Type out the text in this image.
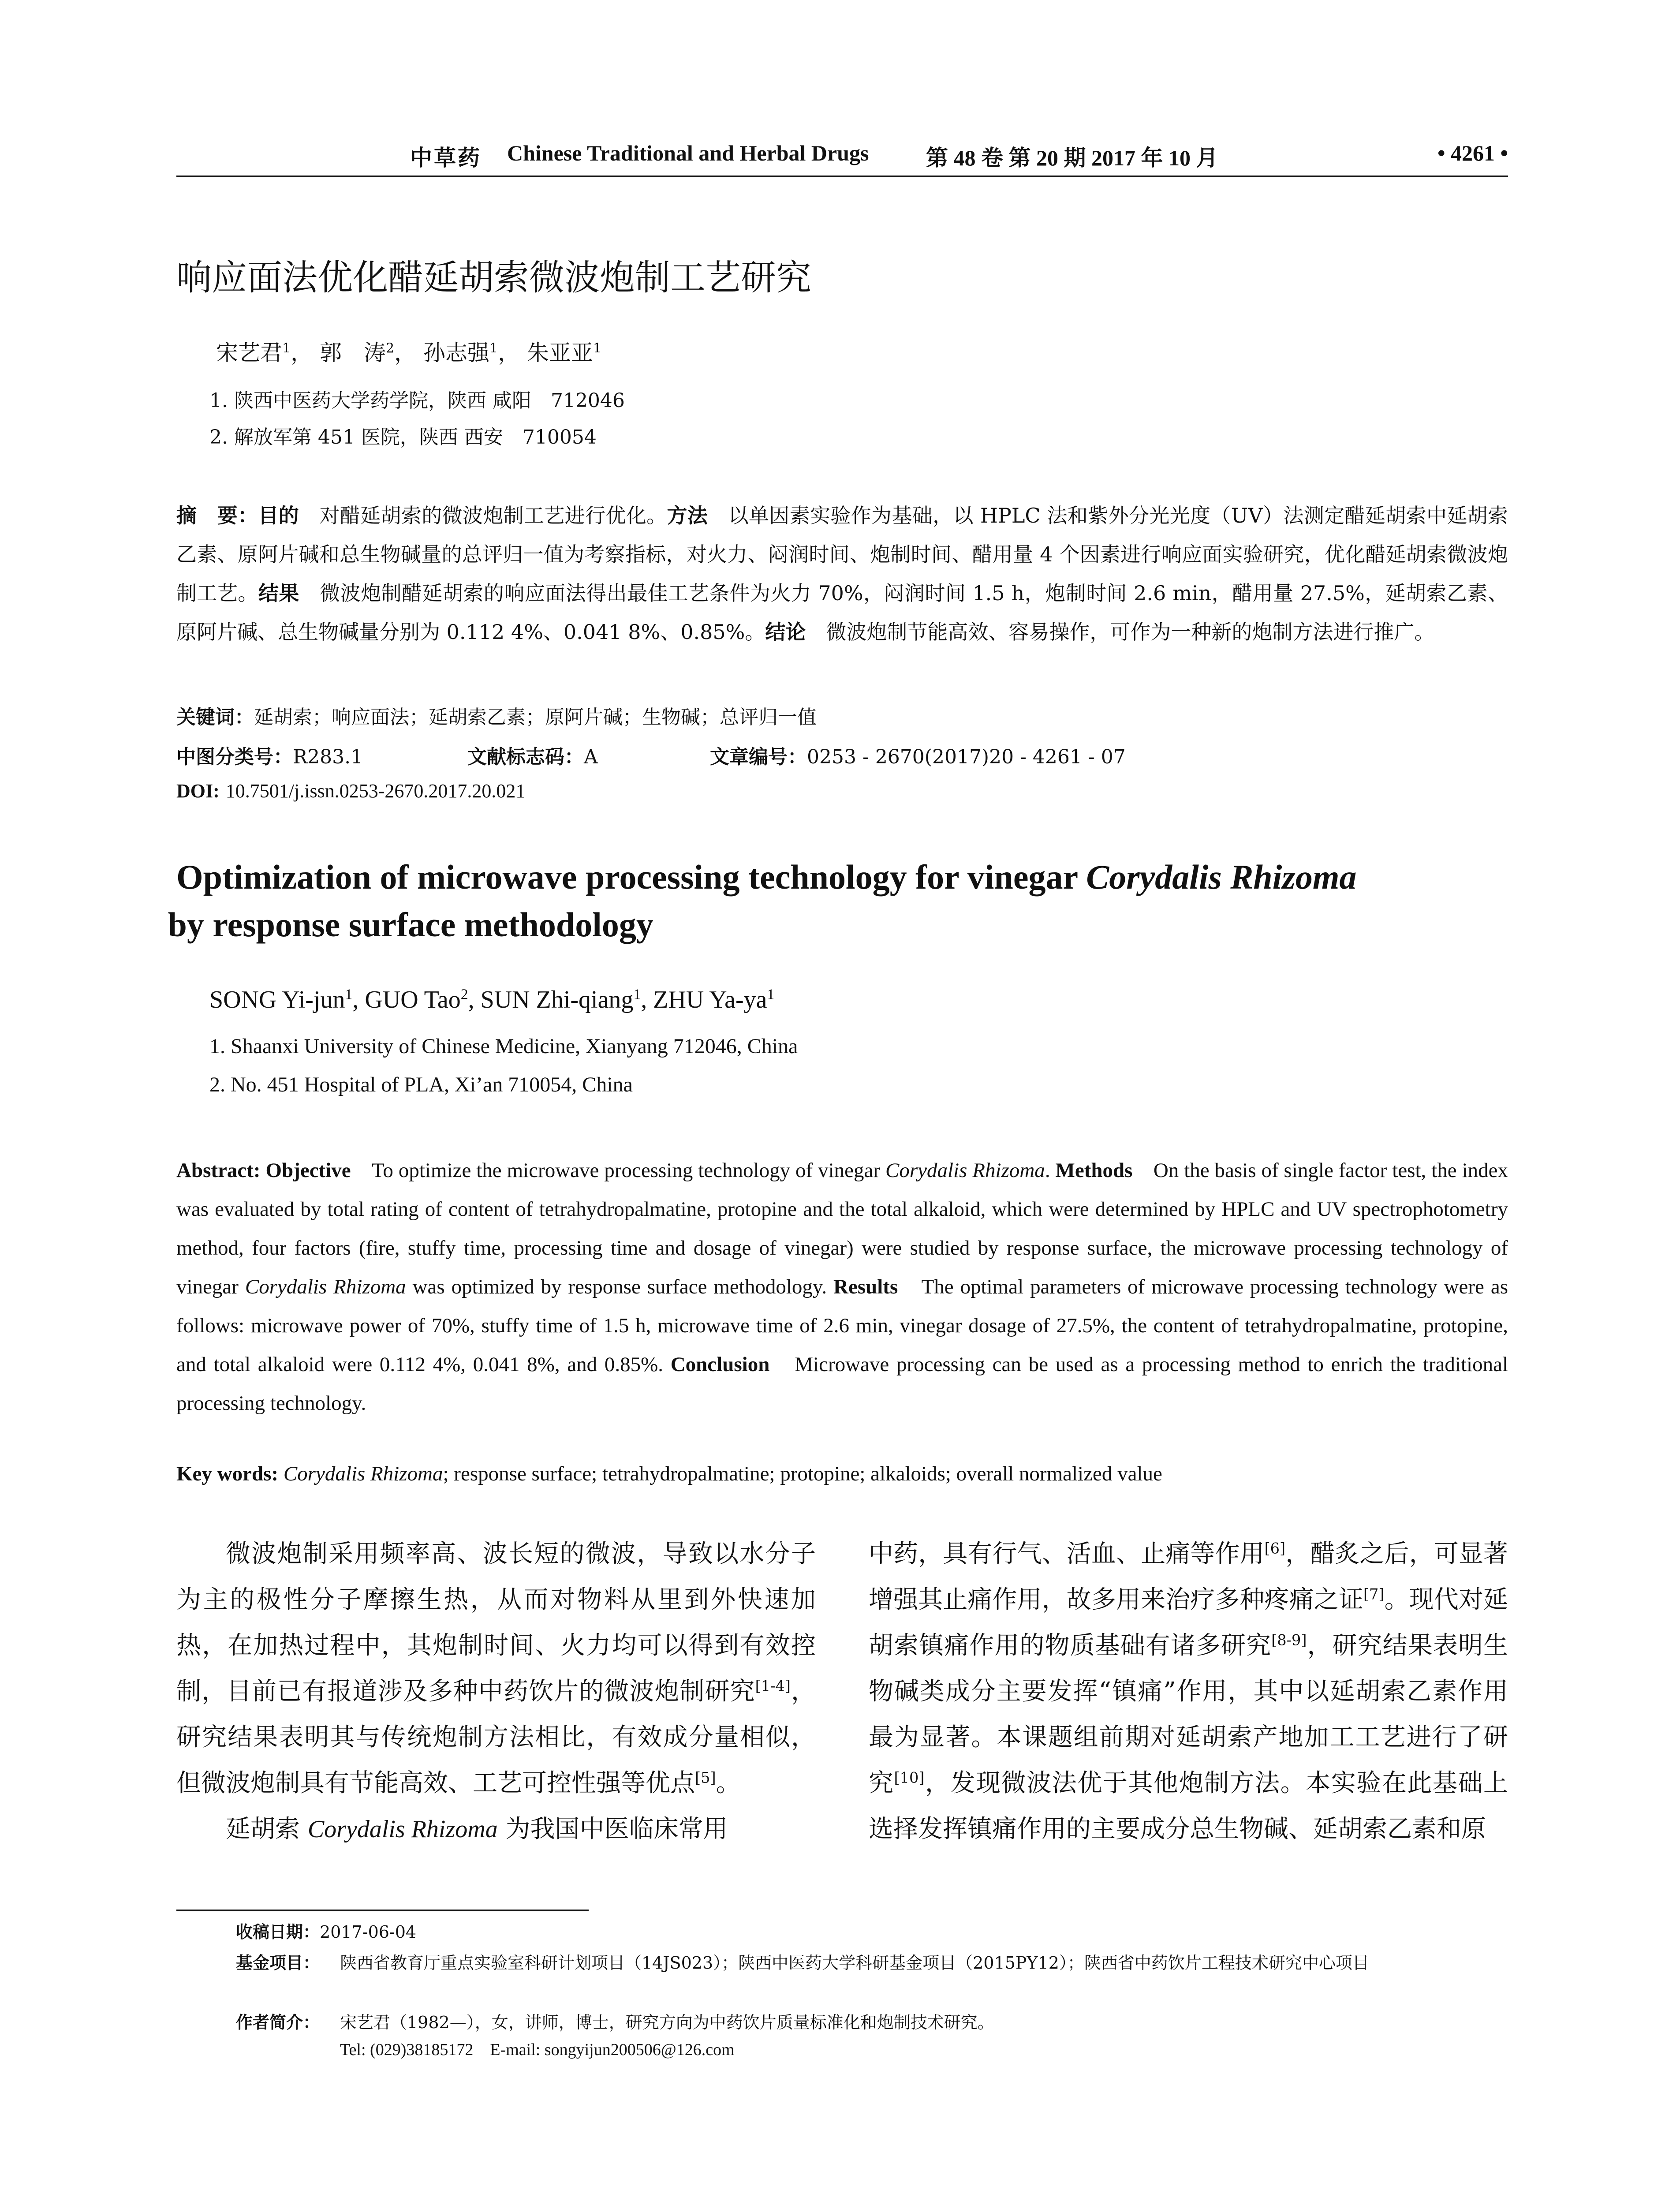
中草药 Chinese Traditional and Herbal Drugs	第 48 卷 第 20 期 2017 年 10 月	• 4261 •
响应面法优化醋延胡索微波炮制工艺研究
宋艺君$^1$， 郭　涛$^2$， 孙志强$^1$， 朱亚亚$^1$
1. 陕西中医药大学药学院，陕西 咸阳　712046
2. 解放军第 451 医院，陕西 西安　710054
摘　要：目的　对醋延胡索的微波炮制工艺进行优化。方法　以单因素实验作为基础，以 HPLC 法和紫外分光光度（UV）法测定醋延胡索中延胡索乙素、原阿片碱和总生物碱量的总评归一值为考察指标，对火力、闷润时间、炮制时间、醋用量 4 个因素进行响应面实验研究，优化醋延胡索微波炮制工艺。结果　微波炮制醋延胡索的响应面法得出最佳工艺条件为火力 70%，闷润时间 1.5 h，炮制时间 2.6 min，醋用量 27.5%，延胡索乙素、原阿片碱、总生物碱量分别为 0.112 4%、0.041 8%、0.85%。结论　微波炮制节能高效、容易操作，可作为一种新的炮制方法进行推广。
关键词：延胡索；响应面法；延胡索乙素；原阿片碱；生物碱；总评归一值
中图分类号：R283.1	文献标志码：A	文章编号：0253 - 2670(2017)20 - 4261 - 07
DOI: 10.7501/j.issn.0253-2670.2017.20.021
Optimization of microwave processing technology for vinegar Corydalis Rhizoma
by response surface methodology
SONG Yi-jun$^1$, GUO Tao$^2$, SUN Zhi-qiang$^1$, ZHU $Ya-ya^1$
1. Shaanxi University of Chinese Medicine, Xianyang 712046, China
2. No. 451 Hospital of PLA, Xi’an 710054, China
Abstract: Objective　To optimize the microwave processing technology of vinegar Corydalis Rhizoma. Methods　On the basis of single factor test, the index was evaluated by total rating of content of tetrahydropalmatine, protopine and the total alkaloid, which were determined by HPLC and UV spectrophotometry method, four factors (fire, stuffy time, processing time and dosage of vinegar) were studied by response surface, the microwave processing technology of vinegar Corydalis Rhizoma was optimized by response surface methodology. Results　The optimal parameters of microwave processing technology were as follows: microwave power of 70%, stuffy time of 1.5 h, microwave time of 2.6 min, vinegar dosage of 27.5%, the content of tetrahydropalmatine, protopine, and total alkaloid were 0.112 4%, 0.041 8%, and 0.85%. Conclusion　Microwave processing can be used as a processing method to enrich the traditional processing technology.
Key words: Corydalis Rhizoma; response surface; tetrahydropalmatine; protopine; alkaloids; overall normalized value

微波炮制采用频率高、波长短的微波，导致以水分子为主的极性分子摩擦生热，从而对物料从里到外快速加热，在加热过程中，其炮制时间、火力均可以得到有效控制，目前已有报道涉及多种中药饮片的微波炮制研究[1-4]，研究结果表明其与传统炮制方法相比，有效成分量相似，但微波炮制具有节能高效、工艺可控性强等优点[5]。

延胡索 Corydalis Rhizoma 为我国中医临床常用

中药，具有行气、活血、止痛等作用[6]，醋炙之后，可显著增强其止痛作用，故多用来治疗多种疼痛之证[7]。现代对延胡索镇痛作用的物质基础有诸多研究[8-9]，研究结果表明生物碱类成分主要发挥“镇痛”作用，其中以延胡索乙素作用最为显著。本课题组前期对延胡索产地加工工艺进行了研究[10]，发现微波法优于其他炮制方法。本实验在此基础上选择发挥镇痛作用的主要成分总生物碱、延胡索乙素和原

收稿日期：2017-06-04
基金项目： 陕西省教育厅重点实验室科研计划项目（14JS023）；陕西中医药大学科研基金项目（2015PY12）；陕西省中药饮片工程技术研究中心项目
作者简介： 宋艺君（1982—），女，讲师，博士，研究方向为中药饮片质量标准化和炮制技术研究。
Tel: (029)38185172　E-mail: songyijun200506@126.com
